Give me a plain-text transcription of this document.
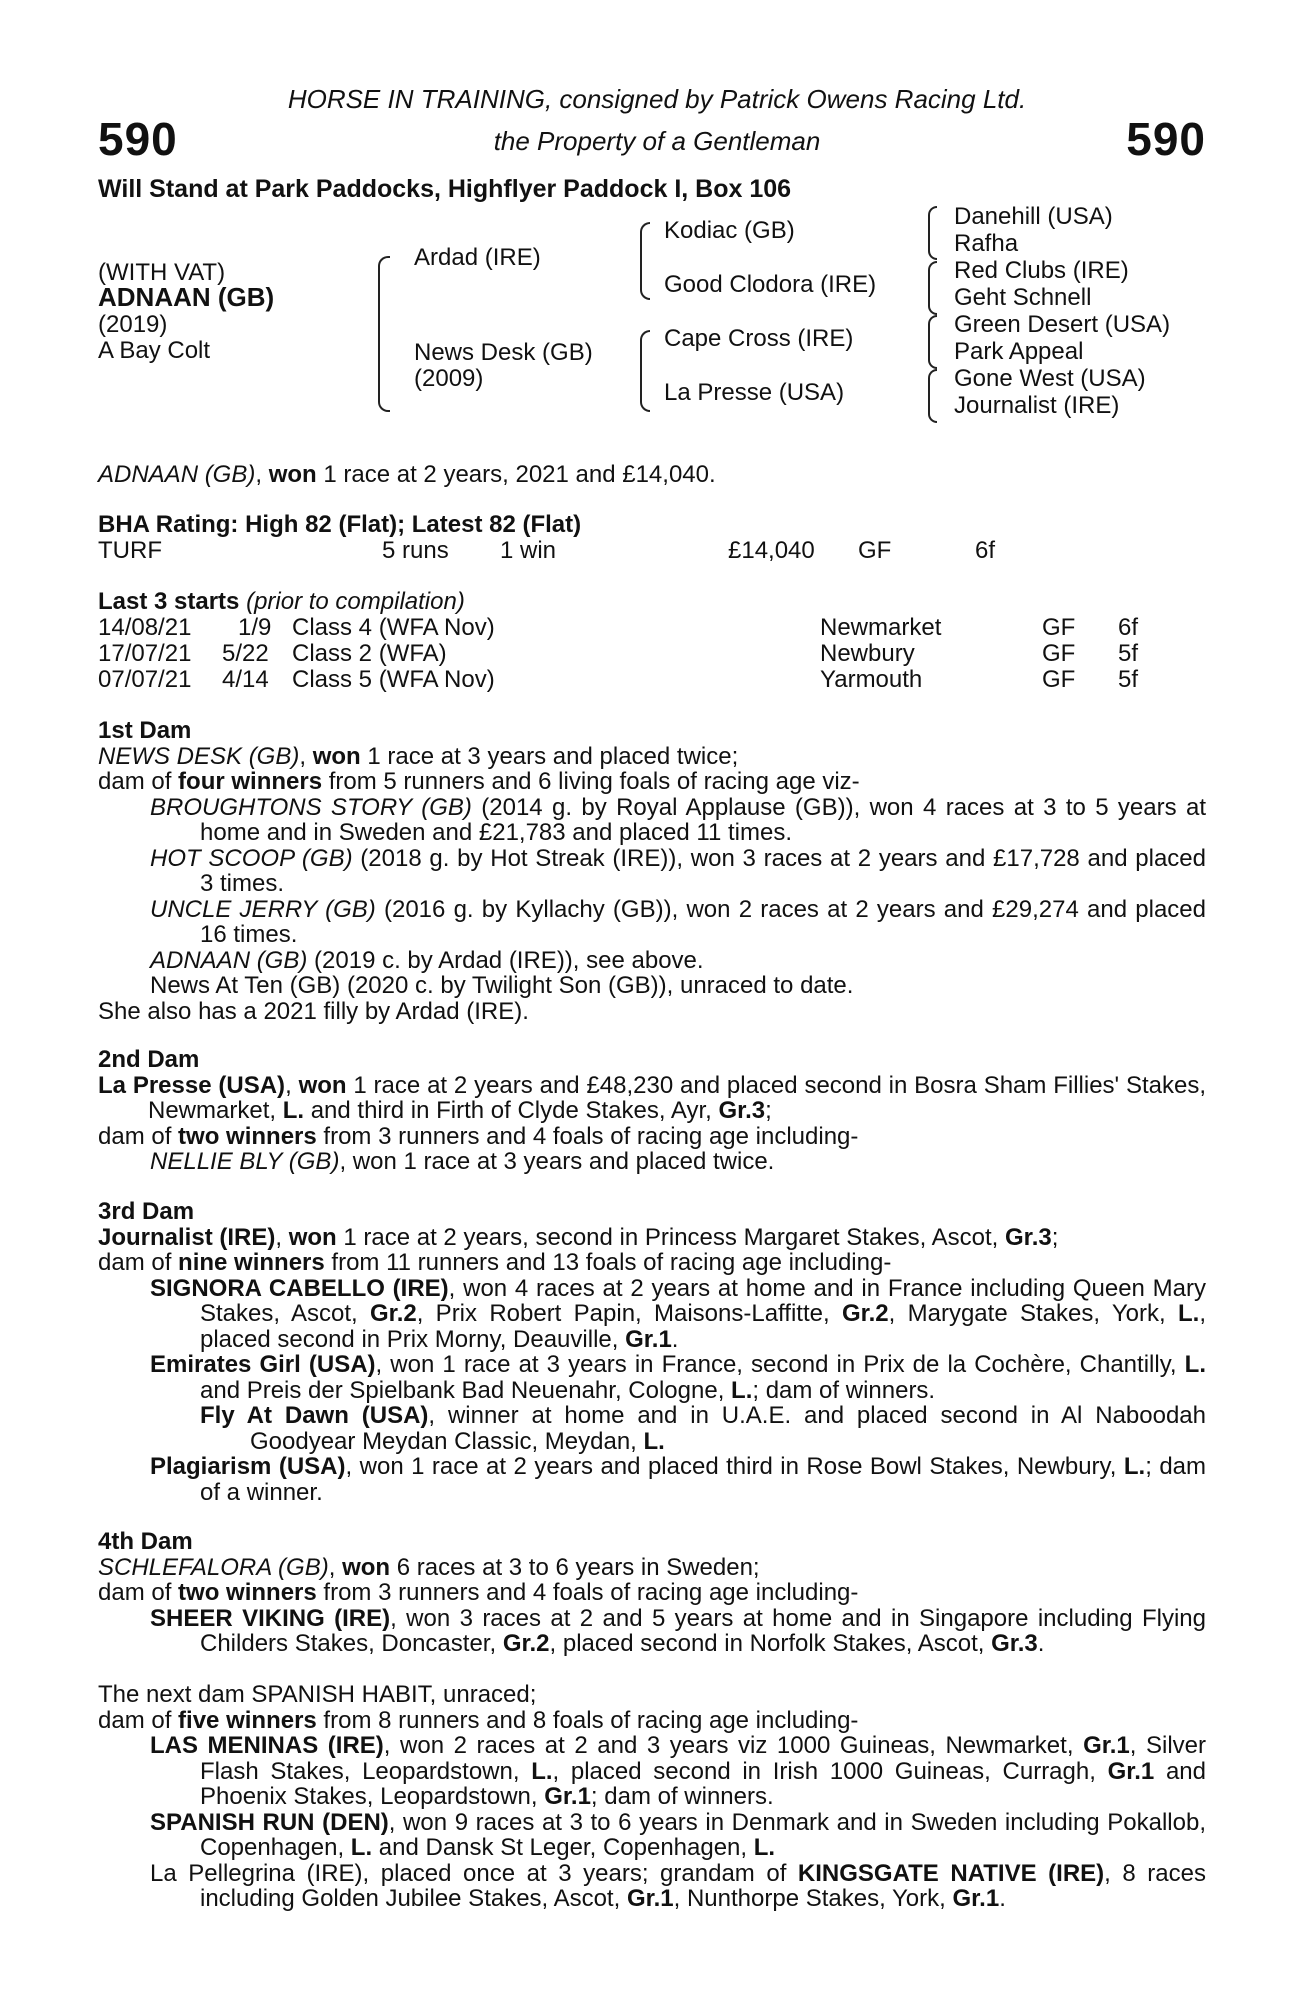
590	590
HORSE IN TRAINING, consigned by Patrick Owens Racing Ltd.
the Property of a Gentleman
Will Stand at Park Paddocks, Highflyer Paddock I, Box 106
(WITH VAT)
ADNAAN (GB)
(2019)
A Bay Colt
Ardad (IRE)
News Desk (GB)
(2009)
Kodiac (GB)
Good Clodora (IRE)
Cape Cross (IRE)
La Presse (USA)
Danehill (USA)
Rafha
Red Clubs (IRE)
Geht Schnell
Green Desert (USA)
Park Appeal
Gone West (USA)
Journalist (IRE)
ADNAAN (GB), won 1 race at 2 years, 2021 and £14,040.
BHA Rating: High 82 (Flat); Latest 82 (Flat)
TURF	5 runs 1 win	£14,040 GF	6f
Last 3 starts (prior to compilation)
14/08/21 1/9 Class 4 (WFA Nov)	Newmarket	GF 6f
17/07/21 5/22 Class 2 (WFA)	Newbury	GF 5f
07/07/21 4/14 Class 5 (WFA Nov)	Yarmouth	GF 5f

1st Dam

NEWS DESK (GB), won 1 race at 3 years and placed twice;

dam of four winners from 5 runners and 6 living foals of racing age viz-

BROUGHTONS STORY (GB) (2014 g. by Royal Applause (GB)), won 4 races at 3 to 5 years at home and in Sweden and £21,783 and placed 11 times.

HOT SCOOP (GB) (2018 g. by Hot Streak (IRE)), won 3 races at 2 years and £17,728 and placed 3 times.

UNCLE JERRY (GB) (2016 g. by Kyllachy (GB)), won 2 races at 2 years and £29,274 and placed 16 times.

ADNAAN (GB) (2019 c. by Ardad (IRE)), see above.

News At Ten (GB) (2020 c. by Twilight Son (GB)), unraced to date.

She also has a 2021 filly by Ardad (IRE).

2nd Dam

La Presse (USA), won 1 race at 2 years and £48,230 and placed second in Bosra Sham Fillies' Stakes, Newmarket, L. and third in Firth of Clyde Stakes, Ayr, Gr.3;

dam of two winners from 3 runners and 4 foals of racing age including-

NELLIE BLY (GB), won 1 race at 3 years and placed twice.

3rd Dam

Journalist (IRE), won 1 race at 2 years, second in Princess Margaret Stakes, Ascot, Gr.3;

dam of nine winners from 11 runners and 13 foals of racing age including-

SIGNORA CABELLO (IRE), won 4 races at 2 years at home and in France including Queen Mary Stakes, Ascot, Gr.2, Prix Robert Papin, Maisons-Laffitte, Gr.2, Marygate Stakes, York, L., placed second in Prix Morny, Deauville, Gr.1.

Emirates Girl (USA), won 1 race at 3 years in France, second in Prix de la Cochère, Chantilly, L. and Preis der Spielbank Bad Neuenahr, Cologne, L.; dam of winners.

Fly At Dawn (USA), winner at home and in U.A.E. and placed second in Al Naboodah Goodyear Meydan Classic, Meydan, L.

Plagiarism (USA), won 1 race at 2 years and placed third in Rose Bowl Stakes, Newbury, L.; dam of a winner.

4th Dam

SCHLEFALORA (GB), won 6 races at 3 to 6 years in Sweden;

dam of two winners from 3 runners and 4 foals of racing age including-

SHEER VIKING (IRE), won 3 races at 2 and 5 years at home and in Singapore including Flying Childers Stakes, Doncaster, Gr.2, placed second in Norfolk Stakes, Ascot, Gr.3.

The next dam SPANISH HABIT, unraced;

dam of five winners from 8 runners and 8 foals of racing age including-

LAS MENINAS (IRE), won 2 races at 2 and 3 years viz 1000 Guineas, Newmarket, Gr.1, Silver Flash Stakes, Leopardstown, L., placed second in Irish 1000 Guineas, Curragh, Gr.1 and Phoenix Stakes, Leopardstown, Gr.1; dam of winners.

SPANISH RUN (DEN), won 9 races at 3 to 6 years in Denmark and in Sweden including Pokallob, Copenhagen, L. and Dansk St Leger, Copenhagen, L.

La Pellegrina (IRE), placed once at 3 years; grandam of KINGSGATE NATIVE (IRE), 8 races including Golden Jubilee Stakes, Ascot, Gr.1, Nunthorpe Stakes, York, Gr.1.
